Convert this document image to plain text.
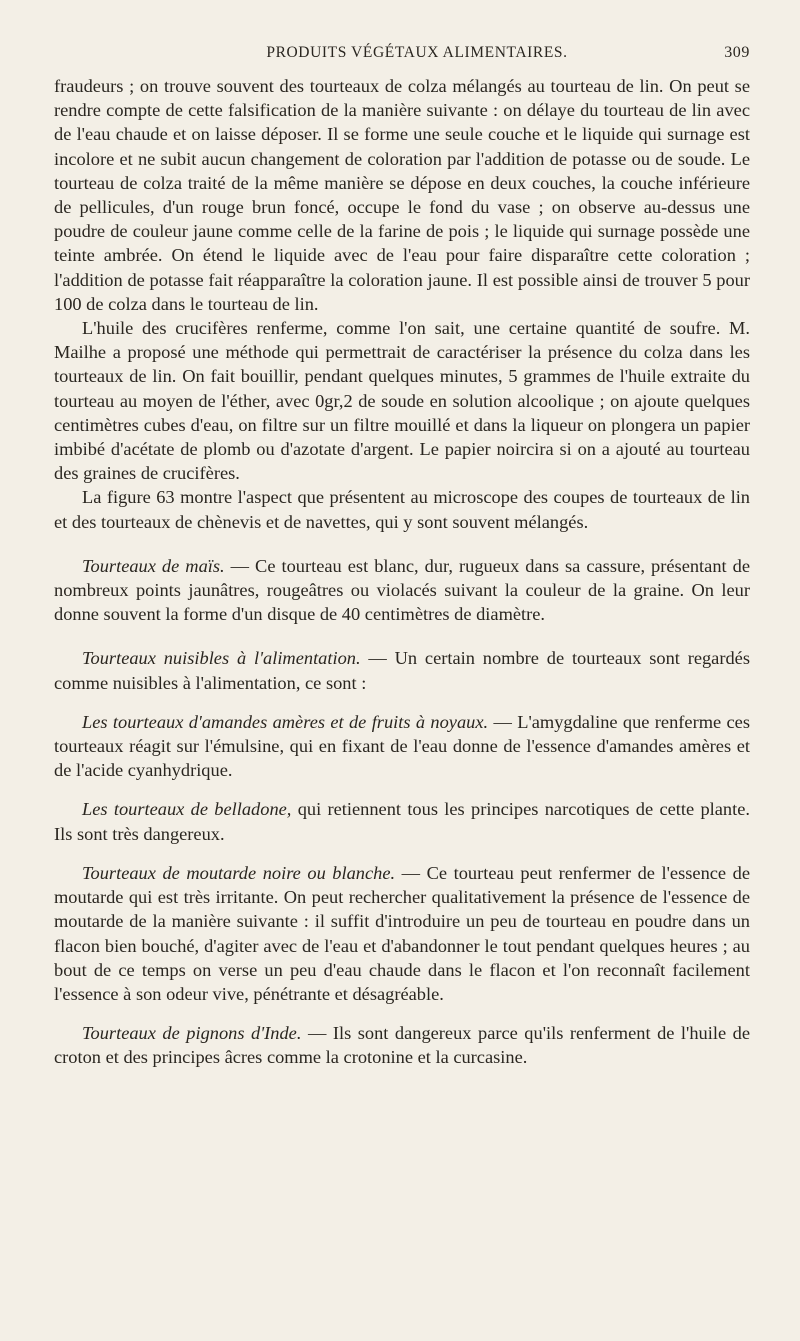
PRODUITS VÉGÉTAUX ALIMENTAIRES.	309

fraudeurs ; on trouve souvent des tourteaux de colza mélangés au tourteau de lin. On peut se rendre compte de cette falsification de la manière suivante : on délaye du tourteau de lin avec de l'eau chaude et on laisse déposer. Il se forme une seule couche et le liquide qui surnage est incolore et ne subit aucun changement de coloration par l'addition de potasse ou de soude. Le tourteau de colza traité de la même manière se dépose en deux couches, la couche inférieure de pellicules, d'un rouge brun foncé, occupe le fond du vase ; on observe au-dessus une poudre de couleur jaune comme celle de la farine de pois ; le liquide qui surnage possède une teinte ambrée. On étend le liquide avec de l'eau pour faire disparaître cette coloration ; l'addition de potasse fait réapparaître la coloration jaune. Il est possible ainsi de trouver 5 pour 100 de colza dans le tourteau de lin.

L'huile des crucifères renferme, comme l'on sait, une certaine quantité de soufre. M. Mailhe a proposé une méthode qui permettrait de caractériser la présence du colza dans les tourteaux de lin. On fait bouillir, pendant quelques minutes, 5 grammes de l'huile extraite du tourteau au moyen de l'éther, avec 0gr,2 de soude en solution alcoolique ; on ajoute quelques centimètres cubes d'eau, on filtre sur un filtre mouillé et dans la liqueur on plongera un papier imbibé d'acétate de plomb ou d'azotate d'argent. Le papier noircira si on a ajouté au tourteau des graines de crucifères.

La figure 63 montre l'aspect que présentent au microscope des coupes de tourteaux de lin et des tourteaux de chènevis et de navettes, qui y sont souvent mélangés.

Tourteaux de maïs. — Ce tourteau est blanc, dur, rugueux dans sa cassure, présentant de nombreux points jaunâtres, rougeâtres ou violacés suivant la couleur de la graine. On leur donne souvent la forme d'un disque de 40 centimètres de diamètre.

Tourteaux nuisibles à l'alimentation. — Un certain nombre de tourteaux sont regardés comme nuisibles à l'alimentation, ce sont :

Les tourteaux d'amandes amères et de fruits à noyaux. — L'amygdaline que renferme ces tourteaux réagit sur l'émulsine, qui en fixant de l'eau donne de l'essence d'amandes amères et de l'acide cyanhydrique.

Les tourteaux de belladone, qui retiennent tous les principes narcotiques de cette plante. Ils sont très dangereux.

Tourteaux de moutarde noire ou blanche. — Ce tourteau peut renfermer de l'essence de moutarde qui est très irritante. On peut rechercher qualitativement la présence de l'essence de moutarde de la manière suivante : il suffit d'introduire un peu de tourteau en poudre dans un flacon bien bouché, d'agiter avec de l'eau et d'abandonner le tout pendant quelques heures ; au bout de ce temps on verse un peu d'eau chaude dans le flacon et l'on reconnaît facilement l'essence à son odeur vive, pénétrante et désagréable.

Tourteaux de pignons d'Inde. — Ils sont dangereux parce qu'ils renferment de l'huile de croton et des principes âcres comme la crotonine et la curcasine.
